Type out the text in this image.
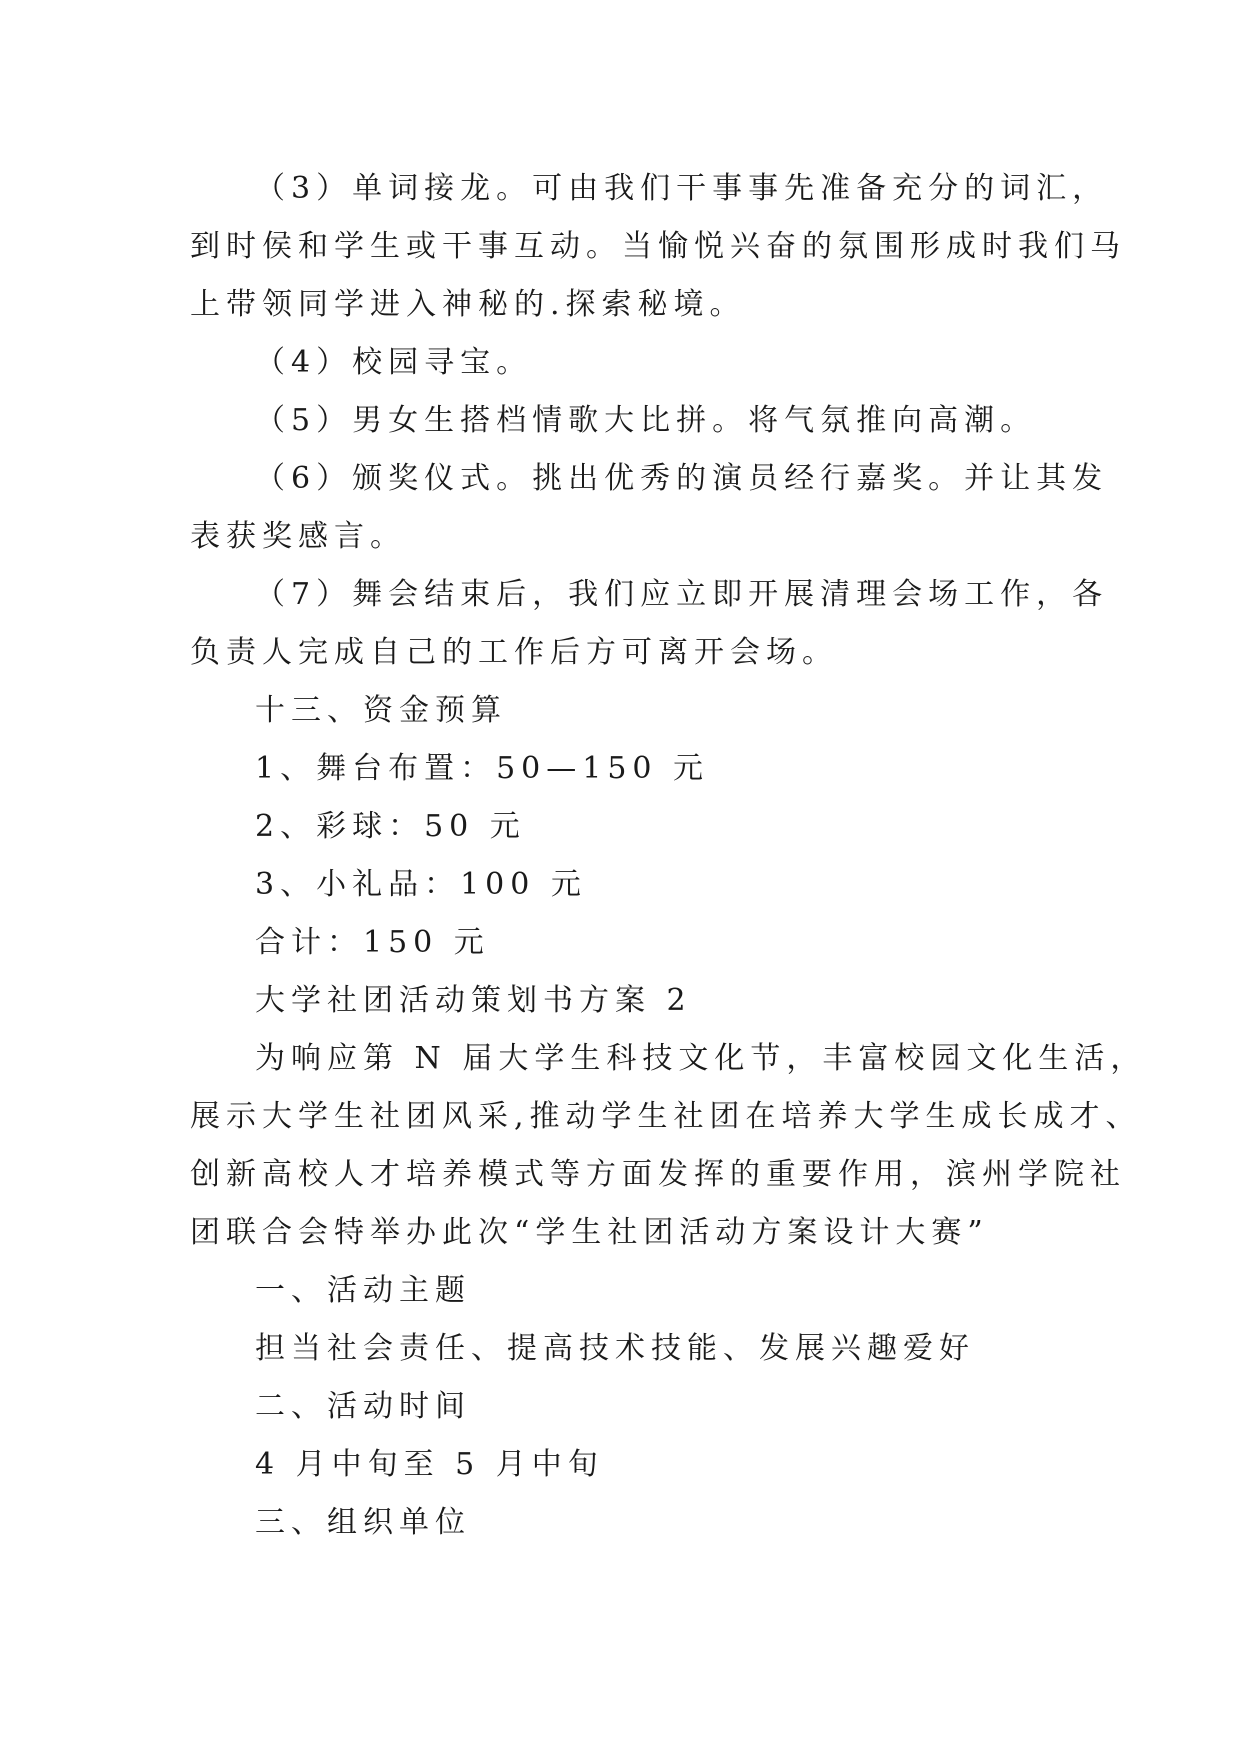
（3）单词接龙。可由我们干事事先准备充分的词汇，
到时侯和学生或干事互动。当愉悦兴奋的氛围形成时我们马
上带领同学进入神秘的.探索秘境。

（4）校园寻宝。

（5）男女生搭档情歌大比拼。将气氛推向高潮。

（6）颁奖仪式。挑出优秀的演员经行嘉奖。并让其发
表获奖感言。

（7）舞会结束后，我们应立即开展清理会场工作，各
负责人完成自己的工作后方可离开会场。

十三、资金预算

1、舞台布置：50—150 元

2、彩球：50 元

3、小礼品：100 元

合计：150 元

大学社团活动策划书方案 2

为响应第 N 届大学生科技文化节，丰富校园文化生活，
展示大学生社团风采,推动学生社团在培养大学生成长成才、
创新高校人才培养模式等方面发挥的重要作用，滨州学院社
团联合会特举办此次“学生社团活动方案设计大赛”

一、活动主题

担当社会责任、提高技术技能、发展兴趣爱好

二、活动时间

4 月中旬至 5 月中旬

三、组织单位
